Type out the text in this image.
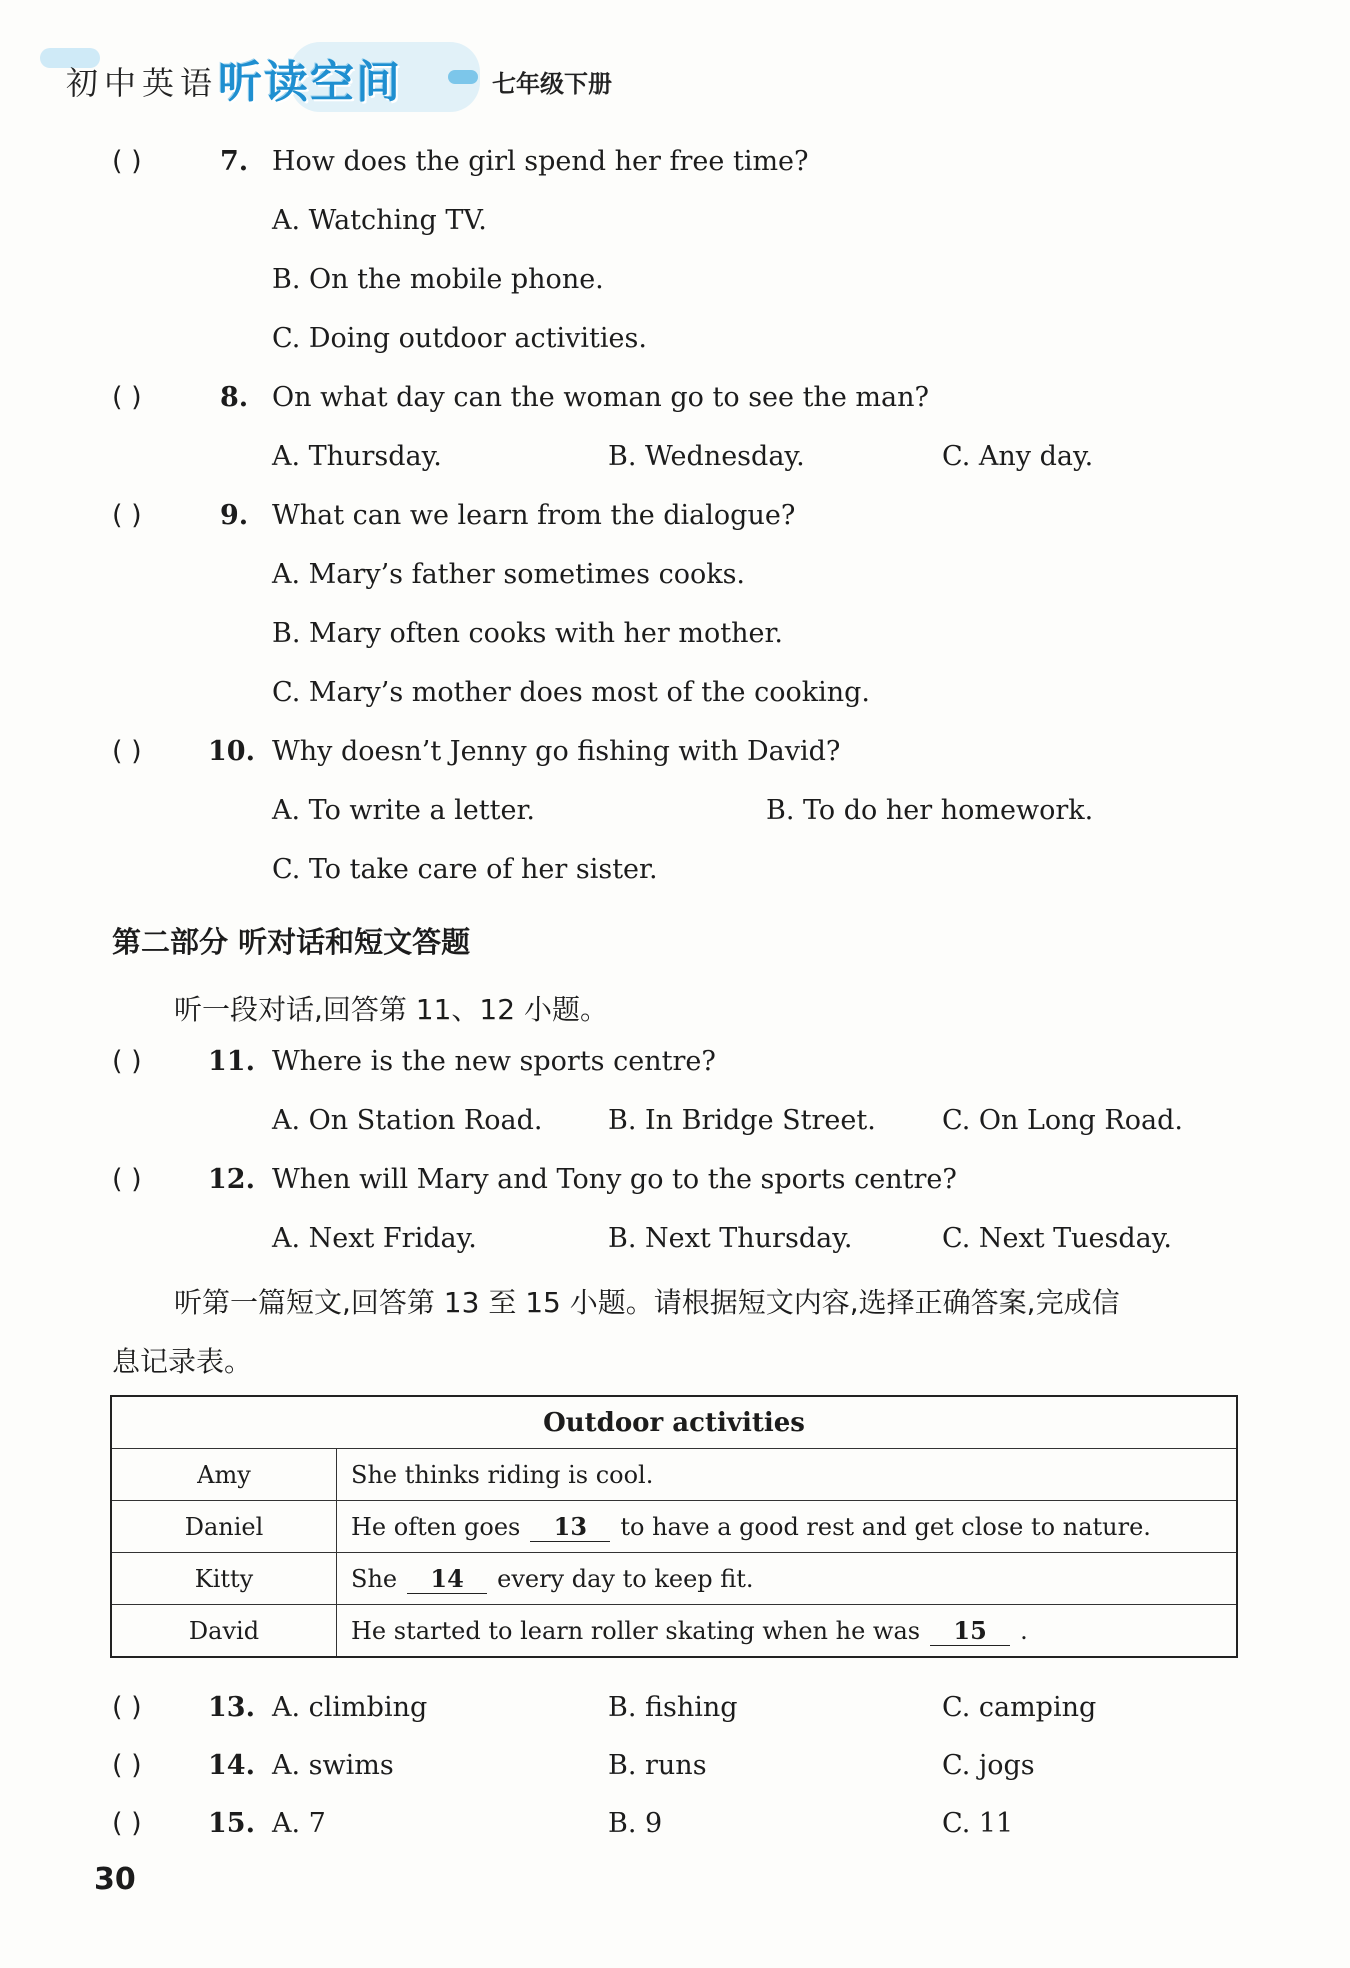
初中英语 听读空间	七年级下册
( )	7. How does the girl spend her free time?
A. Watching TV.
B. On the mobile phone.
C. Doing outdoor activities.
( )	8. On what day can the woman go to see the man?
A. Thursday.	B. Wednesday.	C. Any day.
( )	9. What can we learn from the dialogue?
A. Mary’s father sometimes cooks.
B. Mary often cooks with her mother.
C. Mary’s mother does most of the cooking.
( ) 10. Why doesn’t Jenny go fishing with David?
A. To write a letter.	B. To do her homework.
C. To take care of her sister.
第二部分 听对话和短文答题
听一段对话,回答第 11、12 小题。
( ) 11. Where is the new sports centre?
A. On Station Road. B. In Bridge Street. C. On Long Road.
( ) 12. When will Mary and Tony go to the sports centre?
A. Next Friday.	B. Next Thursday.	C. Next Tuesday.
听第一篇短文,回答第 13 至 15 小题。请根据短文内容,选择正确答案,完成信
息记录表。
Outdoor activities	
Amy	She thinks riding is cool.
Daniel	He often goes 13 to have a good rest and get close to nature.
Kitty	She 14 every day to keep fit.
David	He started to learn roller skating when he was 15 .
( ) 13. A. climbing	B. fishing	C. camping
( ) 14. A. swims	B. runs	C. jogs
( ) 15. A. 7	B. 9	C. 11
30
